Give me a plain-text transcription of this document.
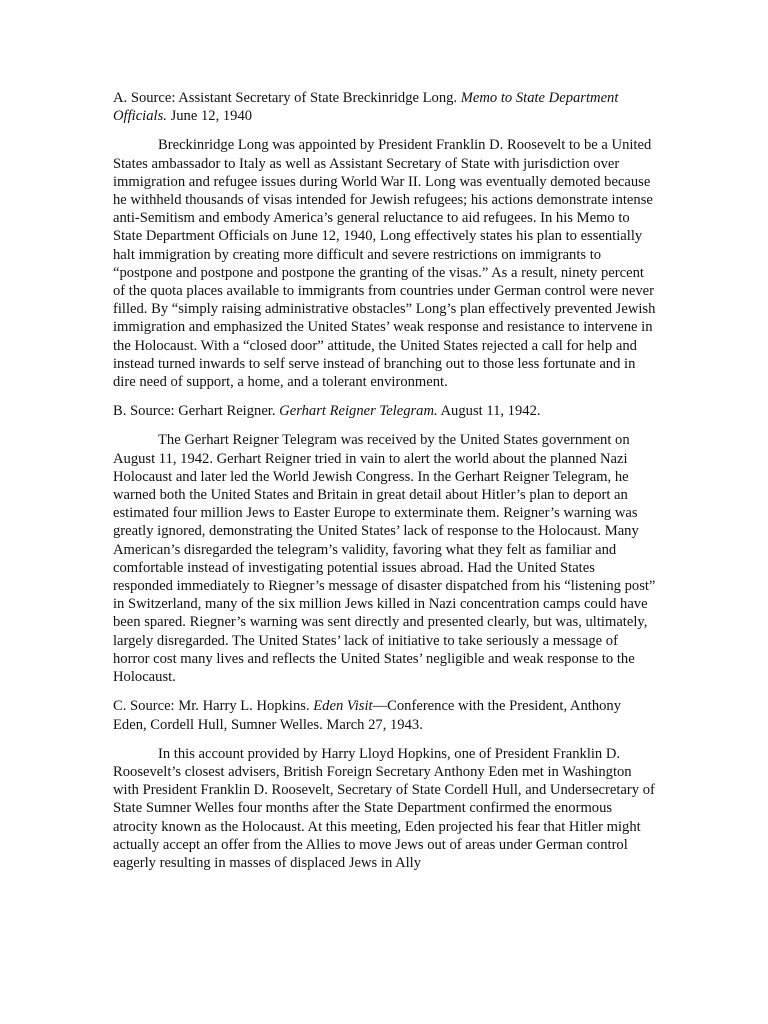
A. Source: Assistant Secretary of State Breckinridge Long. Memo to State Department Officials. June 12, 1940

Breckinridge Long was appointed by President Franklin D. Roosevelt to be a United States ambassador to Italy as well as Assistant Secretary of State with jurisdiction over immigration and refugee issues during World War II. Long was eventually demoted because he withheld thousands of visas intended for Jewish refugees; his actions demonstrate intense anti-Semitism and embody America’s general reluctance to aid refugees. In his Memo to State Department Officials on June 12, 1940, Long effectively states his plan to essentially halt immigration by creating more difficult and severe restrictions on immigrants to “postpone and postpone and postpone the granting of the visas.” As a result, ninety percent of the quota places available to immigrants from countries under German control were never filled. By “simply raising administrative obstacles” Long’s plan effectively prevented Jewish immigration and emphasized the United States’ weak response and resistance to intervene in the Holocaust. With a “closed door” attitude, the United States rejected a call for help and instead turned inwards to self serve instead of branching out to those less fortunate and in dire need of support, a home, and a tolerant environment.

B. Source: Gerhart Reigner. Gerhart Reigner Telegram. August 11, 1942.

The Gerhart Reigner Telegram was received by the United States government on August 11, 1942. Gerhart Reigner tried in vain to alert the world about the planned Nazi Holocaust and later led the World Jewish Congress. In the Gerhart Reigner Telegram, he warned both the United States and Britain in great detail about Hitler’s plan to deport an estimated four million Jews to Easter Europe to exterminate them. Reigner’s warning was greatly ignored, demonstrating the United States’ lack of response to the Holocaust. Many American’s disregarded the telegram’s validity, favoring what they felt as familiar and comfortable instead of investigating potential issues abroad. Had the United States responded immediately to Riegner’s message of disaster dispatched from his “listening post” in Switzerland, many of the six million Jews killed in Nazi concentration camps could have been spared. Riegner’s warning was sent directly and presented clearly, but was, ultimately, largely disregarded. The United States’ lack of initiative to take seriously a message of horror cost many lives and reflects the United States’ negligible and weak response to the Holocaust.

C. Source: Mr. Harry L. Hopkins. Eden Visit—Conference with the President, Anthony Eden, Cordell Hull, Sumner Welles. March 27, 1943.

In this account provided by Harry Lloyd Hopkins, one of President Franklin D. Roosevelt’s closest advisers, British Foreign Secretary Anthony Eden met in Washington with President Franklin D. Roosevelt, Secretary of State Cordell Hull, and Undersecretary of State Sumner Welles four months after the State Department confirmed the enormous atrocity known as the Holocaust. At this meeting, Eden projected his fear that Hitler might actually accept an offer from the Allies to move Jews out of areas under German control eagerly resulting in masses of displaced Jews in Ally
